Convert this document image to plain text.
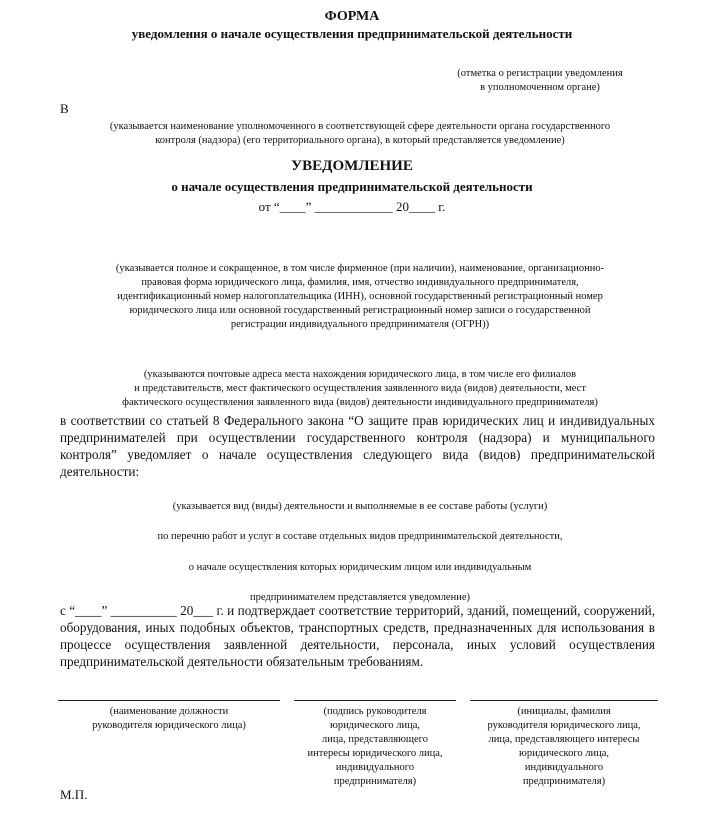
ФОРМА
уведомления о начале осуществления предпринимательской деятельности
(отметка о регистрации уведомления
в уполномоченном органе)
В
(указывается наименование уполномоченного в соответствующей сфере деятельности органа государственного
контроля (надзора) (его территориального органа), в который представляется уведомление)
УВЕДОМЛЕНИЕ
о начале осуществления предпринимательской деятельности
от “____” ____________ 20____ г.
(указывается полное и сокращенное, в том числе фирменное (при наличии), наименование, организационно-
правовая форма юридического лица, фамилия, имя, отчество индивидуального предпринимателя,
идентификационный номер налогоплательщика (ИНН), основной государственный регистрационный номер
юридического лица или основной государственный регистрационный номер записи о государственной
регистрации индивидуального предпринимателя (ОГРН))
(указываются почтовые адреса места нахождения юридического лица, в том числе его филиалов
и представительств, мест фактического осуществления заявленного вида (видов) деятельности, мест
фактического осуществления заявленного вида (видов) деятельности индивидуального предпринимателя)
в соответствии со статьей 8 Федерального закона “О защите прав юридических лиц и индивидуальных предпринимателей при осуществлении государственного контроля (надзора) и муниципального контроля” уведомляет о начале осуществления следующего вида (видов) предпринимательской деятельности:
(указывается вид (виды) деятельности и выполняемые в ее составе работы (услуги)
по перечню работ и услуг в составе отдельных видов предпринимательской деятельности,
о начале осуществления которых юридическим лицом или индивидуальным
предпринимателем представляется уведомление)
с “____” __________ 20___ г. и подтверждает соответствие территорий, зданий, помещений, сооружений, оборудования, иных подобных объектов, транспортных средств, предназначенных для использования в процессе осуществления заявленной деятельности, персонала, иных условий осуществления предпринимательской деятельности обязательным требованиям.
(наименование должности
руководителя юридического лица)
(подпись руководителя
юридического лица,
лица, представляющего
интересы юридического лица,
индивидуального
предпринимателя)
(инициалы, фамилия
руководителя юридического лица,
лица, представляющего интересы
юридического лица,
индивидуального
предпринимателя)
М.П.
